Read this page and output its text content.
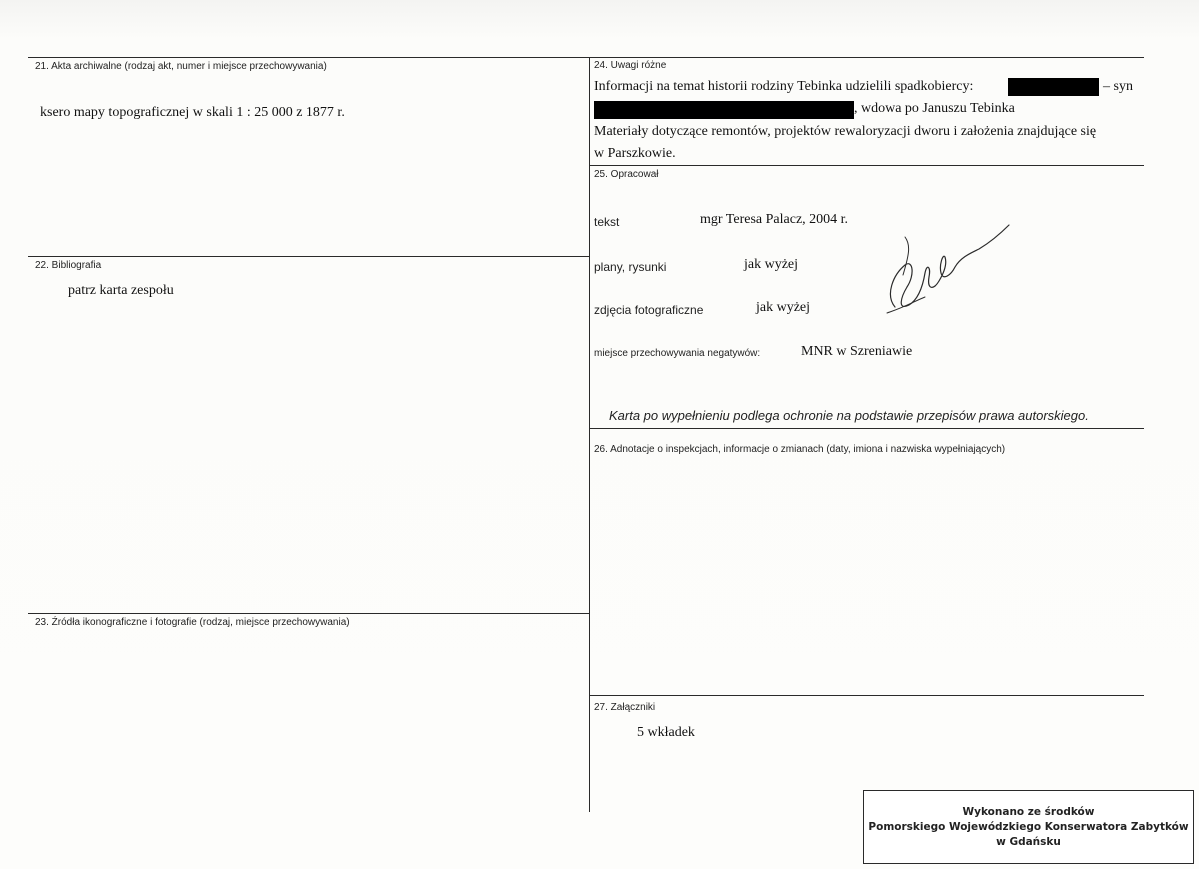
21. Akta archiwalne (rodzaj akt, numer i miejsce przechowywania)
ksero mapy topograficznej w skali 1 : 25 000 z 1877 r.
22. Bibliografia
patrz karta zespołu
23. Źródła ikonograficzne i fotografie (rodzaj, miejsce przechowywania)
24. Uwagi różne
Informacji na temat historii rodziny Tebinka udzielili spadkobiercy:	– syn
, wdowa po Januszu Tebinka
Materiały dotyczące remontów, projektów rewaloryzacji dworu i założenia znajdujące się
w Parszkowie.
25. Opracował
tekst	mgr Teresa Palacz, 2004 r.
plany, rysunki	jak wyżej
zdjęcia fotograficzne	jak wyżej
miejsce przechowywania negatywów:	MNR w Szreniawie
Karta po wypełnieniu podlega ochronie na podstawie przepisów prawa autorskiego.
26. Adnotacje o inspekcjach, informacje o zmianach (daty, imiona i nazwiska wypełniających)
27. Załączniki
5 wkładek
Wykonano ze środków
Pomorskiego Wojewódzkiego Konserwatora Zabytków
w Gdańsku
